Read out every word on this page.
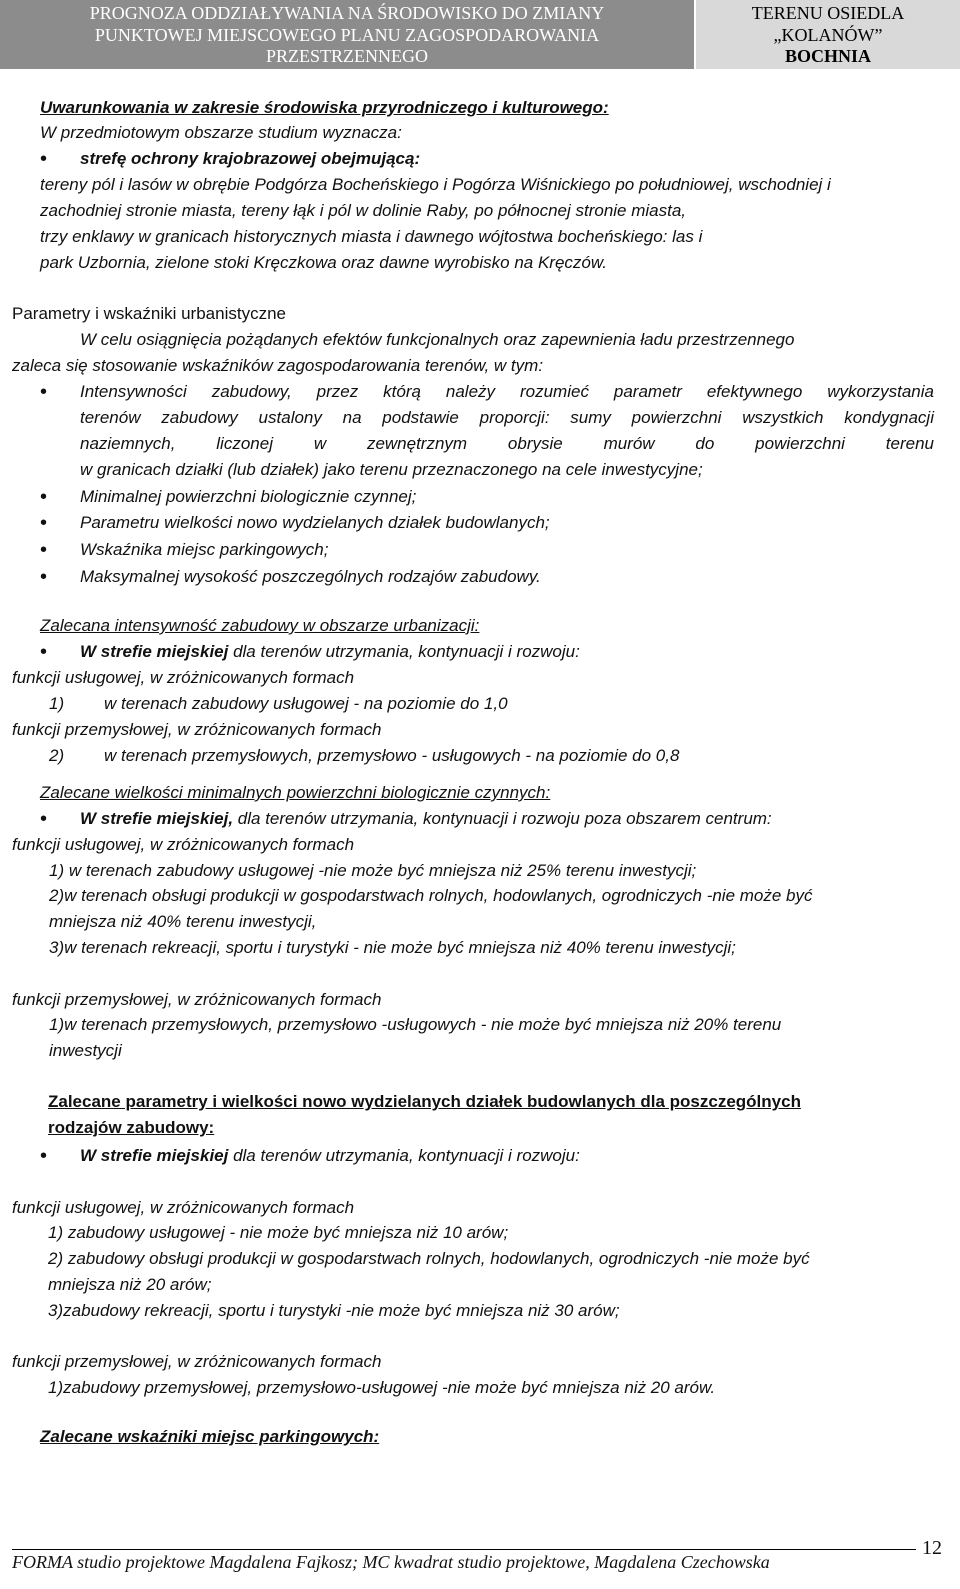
PROGNOZA ODDZIAŁYWANIA NA ŚRODOWISKO DO ZMIANY
PUNKTOWEJ MIEJSCOWEGO PLANU ZAGOSPODAROWANIA
PRZESTRZENNEGO
TERENU OSIEDLA
„KOLANÓW”
BOCHNIA
Uwarunkowania w zakresie środowiska przyrodniczego i kulturowego:
W przedmiotowym obszarze studium wyznacza:
• strefę ochrony krajobrazowej obejmującą:
tereny pól i lasów w obrębie Podgórza Bocheńskiego i Pogórza Wiśnickiego po południowej, wschodniej i
zachodniej stronie miasta, tereny łąk i pól w dolinie Raby, po północnej stronie miasta,
trzy enklawy w granicach historycznych miasta i dawnego wójtostwa bocheńskiego: las i
park Uzbornia, zielone stoki Kręczkowa oraz dawne wyrobisko na Kręczów.
Parametry i wskaźniki urbanistyczne
W celu osiągnięcia pożądanych efektów funkcjonalnych oraz zapewnienia ładu przestrzennego
zaleca się stosowanie wskaźników zagospodarowania terenów, w tym:
• Intensywności zabudowy, przez którą należy rozumieć parametr efektywnego wykorzystania
terenów zabudowy ustalony na podstawie proporcji: sumy powierzchni wszystkich kondygnacji
naziemnych, liczonej w zewnętrznym obrysie murów do powierzchni terenu
w granicach działki (lub działek) jako terenu przeznaczonego na cele inwestycyjne;
• Minimalnej powierzchni biologicznie czynnej;
• Parametru wielkości nowo wydzielanych działek budowlanych;
• Wskaźnika miejsc parkingowych;
• Maksymalnej wysokość poszczególnych rodzajów zabudowy.
Zalecana intensywność zabudowy w obszarze urbanizacji:
• W strefie miejskiej dla terenów utrzymania, kontynuacji i rozwoju:
funkcji usługowej, w zróżnicowanych formach
1) w terenach zabudowy usługowej - na poziomie do 1,0
funkcji przemysłowej, w zróżnicowanych formach
2) w terenach przemysłowych, przemysłowo - usługowych - na poziomie do 0,8
Zalecane wielkości minimalnych powierzchni biologicznie czynnych:
• W strefie miejskiej, dla terenów utrzymania, kontynuacji i rozwoju poza obszarem centrum:
funkcji usługowej, w zróżnicowanych formach
1) w terenach zabudowy usługowej -nie może być mniejsza niż 25% terenu inwestycji;
2)w terenach obsługi produkcji w gospodarstwach rolnych, hodowlanych, ogrodniczych -nie może być
mniejsza niż 40% terenu inwestycji,
3)w terenach rekreacji, sportu i turystyki - nie może być mniejsza niż 40% terenu inwestycji;
funkcji przemysłowej, w zróżnicowanych formach
1)w terenach przemysłowych, przemysłowo -usługowych - nie może być mniejsza niż 20% terenu
inwestycji
Zalecane parametry i wielkości nowo wydzielanych działek budowlanych dla poszczególnych
rodzajów zabudowy:
• W strefie miejskiej dla terenów utrzymania, kontynuacji i rozwoju:
funkcji usługowej, w zróżnicowanych formach
1) zabudowy usługowej - nie może być mniejsza niż 10 arów;
2) zabudowy obsługi produkcji w gospodarstwach rolnych, hodowlanych, ogrodniczych -nie może być
mniejsza niż 20 arów;
3)zabudowy rekreacji, sportu i turystyki -nie może być mniejsza niż 30 arów;
funkcji przemysłowej, w zróżnicowanych formach
1)zabudowy przemysłowej, przemysłowo-usługowej -nie może być mniejsza niż 20 arów.
Zalecane wskaźniki miejsc parkingowych:
12
FORMA studio projektowe Magdalena Fajkosz; MC kwadrat studio projektowe, Magdalena Czechowska
